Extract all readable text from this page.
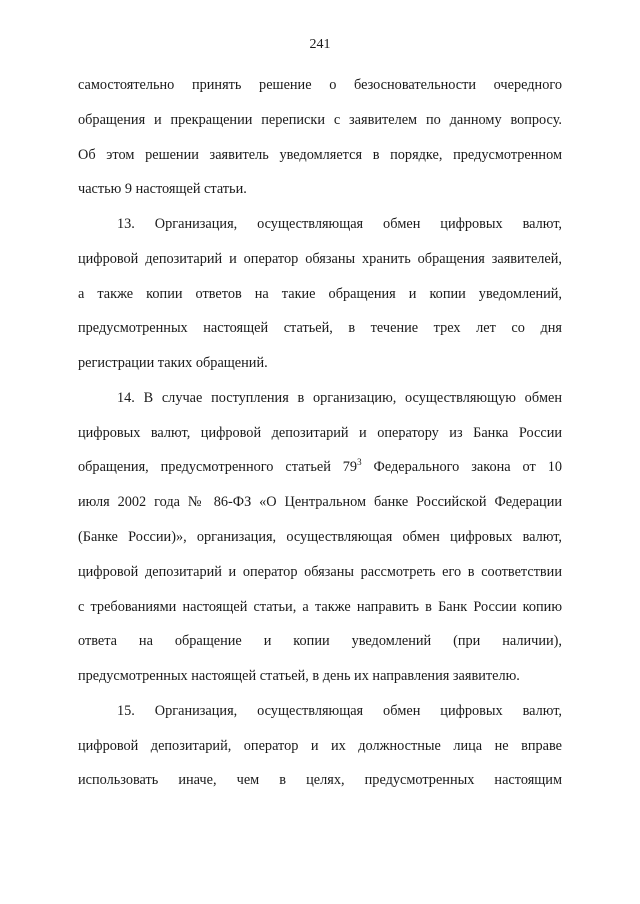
241
самостоятельно принять решение о безосновательности очередного
обращения и прекращении переписки с заявителем по данному вопросу.
Об этом решении заявитель уведомляется в порядке, предусмотренном
частью 9 настоящей статьи.
13. Организация, осуществляющая обмен цифровых валют,
цифровой депозитарий и оператор обязаны хранить обращения заявителей,
а также копии ответов на такие обращения и копии уведомлений,
предусмотренных настоящей статьей, в течение трех лет со дня
регистрации таких обращений.
14. В случае поступления в организацию, осуществляющую обмен
цифровых валют, цифровой депозитарий и оператору из Банка России
обращения, предусмотренного статьей $79^3$ Федерального закона от 10
июля 2002 года № 86-ФЗ «О Центральном банке Российской Федерации
(Банке России)», организация, осуществляющая обмен цифровых валют,
цифровой депозитарий и оператор обязаны рассмотреть его в соответствии
с требованиями настоящей статьи, а также направить в Банк России копию
ответа на обращение и копии уведомлений (при наличии),
предусмотренных настоящей статьей, в день их направления заявителю.
15. Организация, осуществляющая обмен цифровых валют,
цифровой депозитарий, оператор и их должностные лица не вправе
использовать иначе, чем в целях, предусмотренных настоящим
